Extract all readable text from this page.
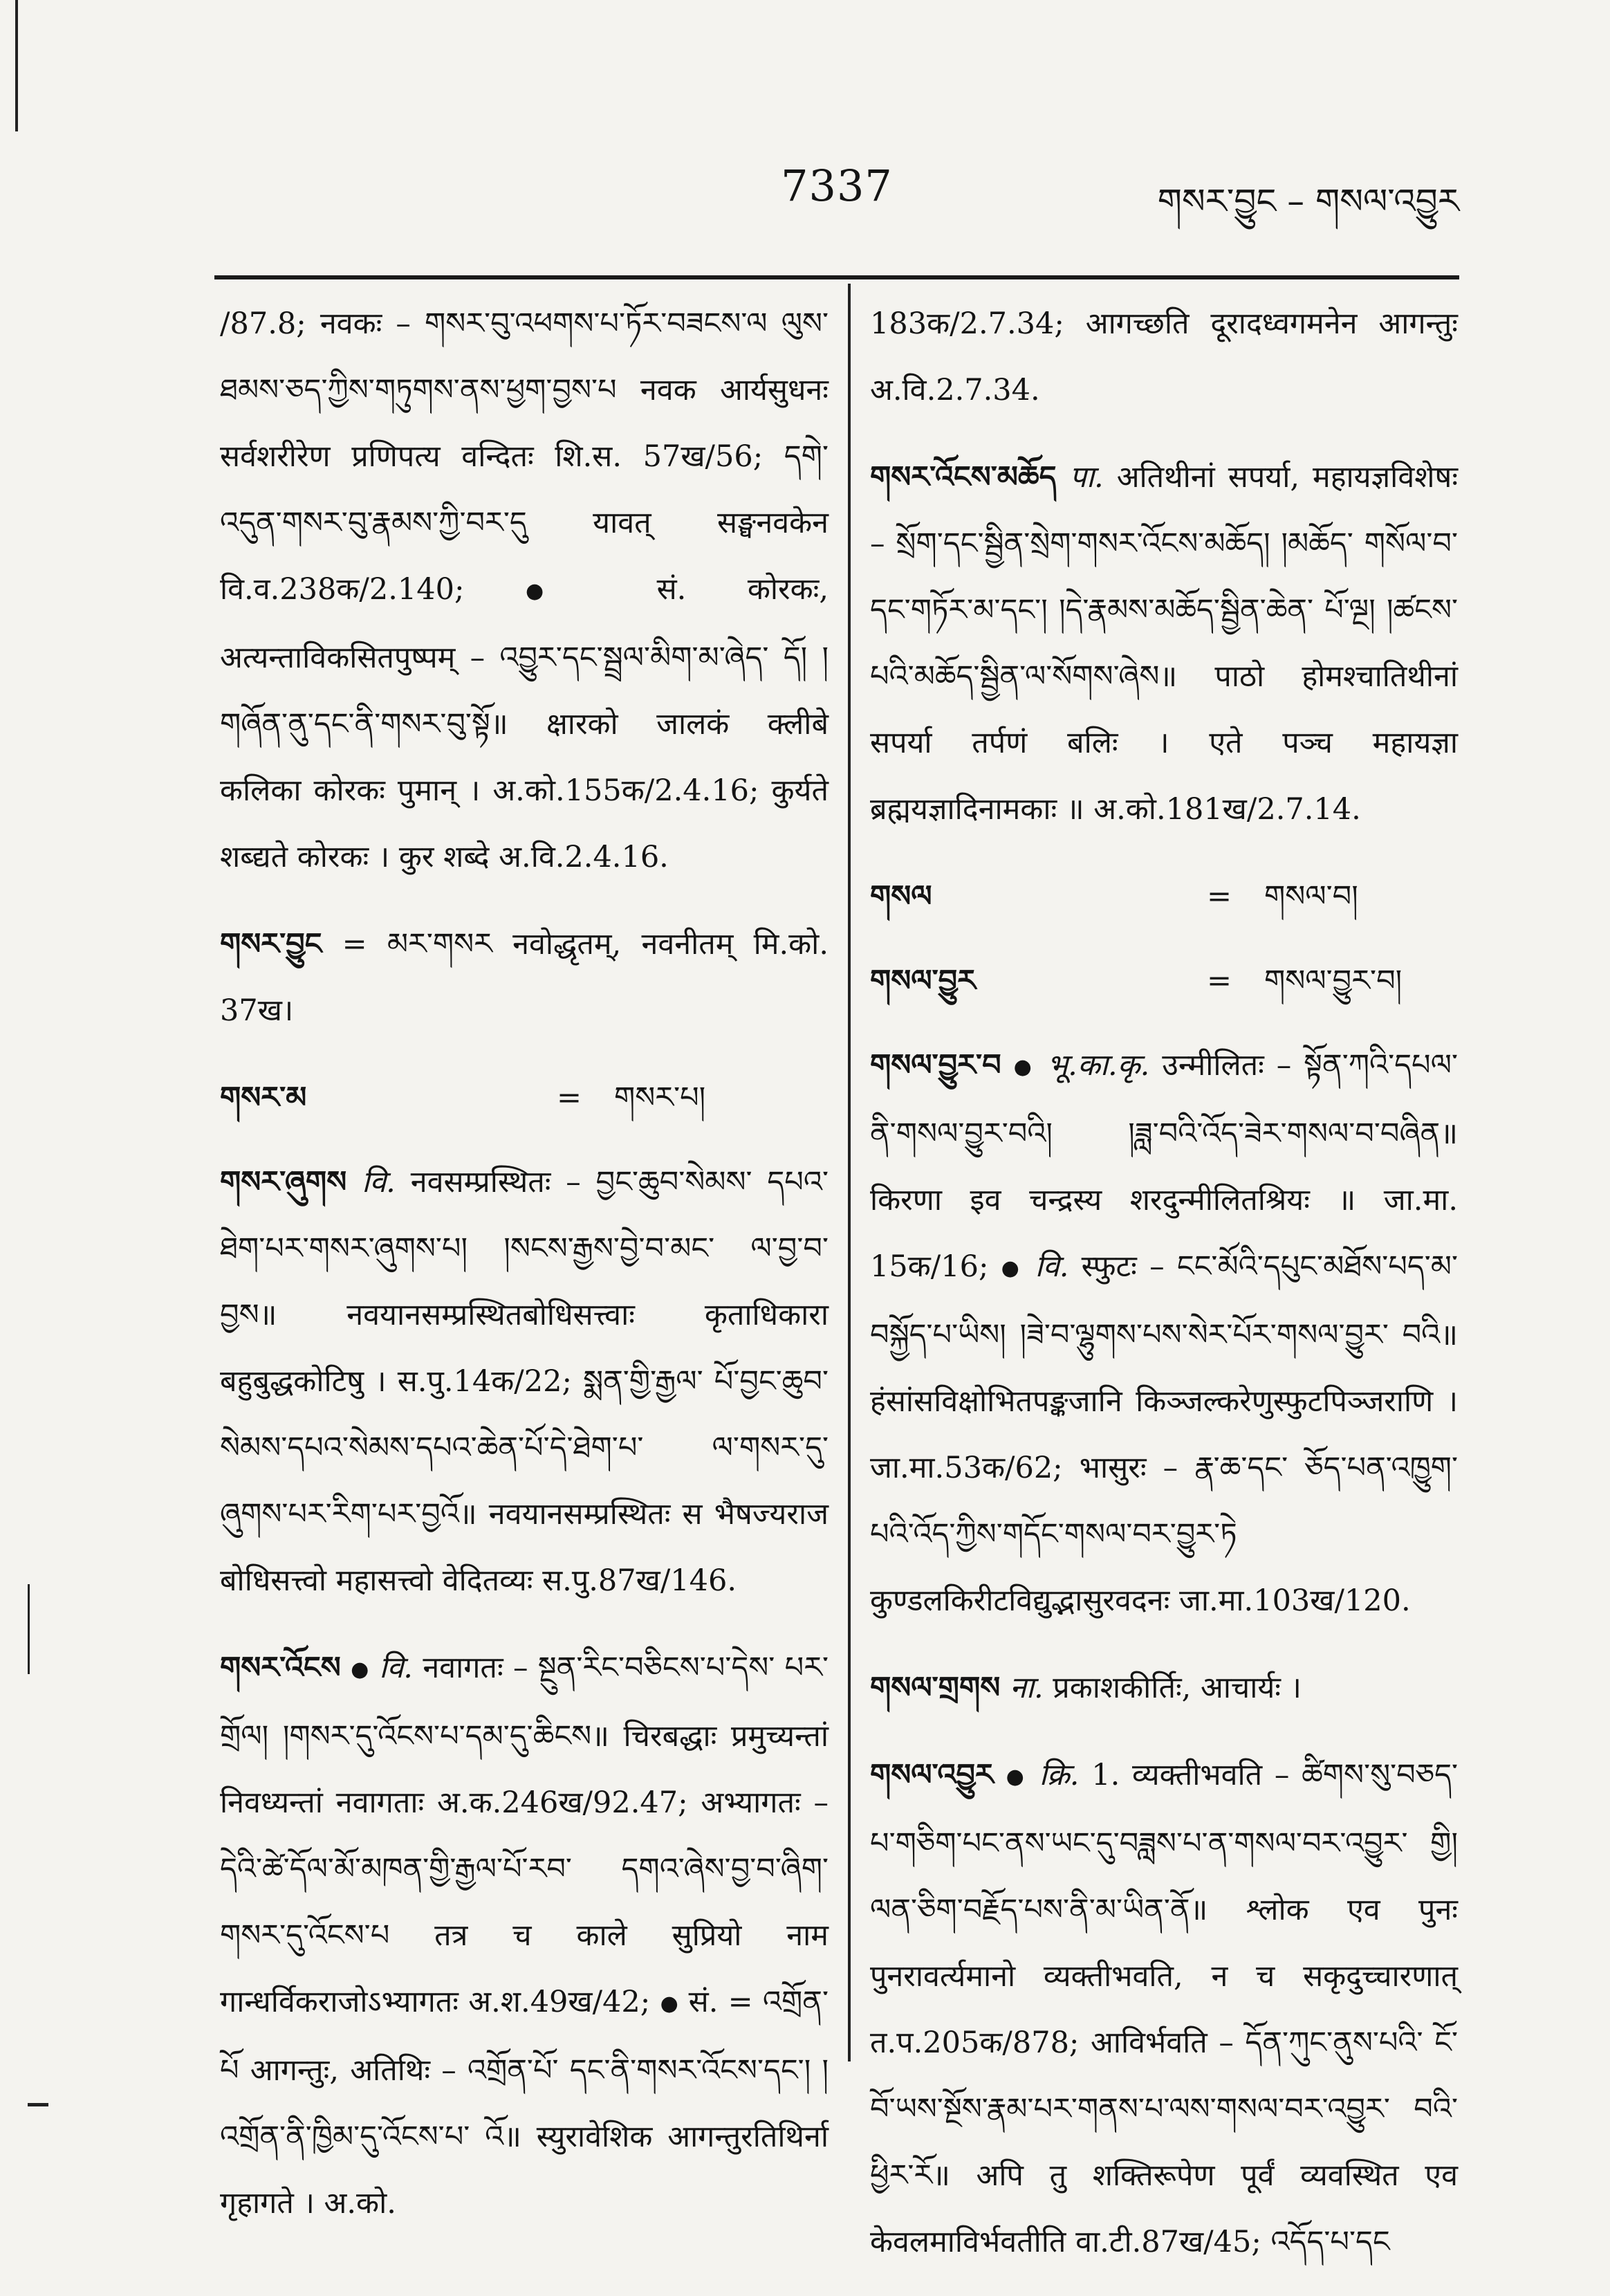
7337	གསར་བྱུང – གསལ་འབྱུར
/87.8; नवकः – གསར་བུ་འཕགས་པ་ཏོར་བཟངས་ལ ལུས་ཐམས་ཅད་ཀྱིས་གཏུགས་ནས་ཕྱག་བྱས་པ नवक आर्यसुधनः सर्वशरीरेण प्रणिपत्य वन्दितः शि.स. 57ख/56; དགེ་འདུན་གསར་བུ་རྣམས་ཀྱི་བར་དུ यावत् सङ्घनवकेन वि.व.238क/2.140;	● सं. कोरकः, अत्यन्ताविकसितपुष्पम् – འབྱུར་དང་སྦྲལ་མིག་མ་ཞེད་ དོ། །གཞོན་ནུ་དང་ནི་གསར་བུ་སྟོ॥ क्षारको जालकं क्लीबे कलिका कोरकः पुमान् । अ.को.155क/2.4.16; कुर्यते शब्द्यते कोरकः । कुर शब्दे अ.वि.2.4.16.
གསར་བྱུང = མར་གསར नवोद्धृतम्, नवनीतम् मि.को. 37ख।
གསར་མ	=	གསར་པ།
གསར་ཞུགས वि. नवसम्प्रस्थितः – བྱང་ཆུབ་སེམས་ དཔའ་ཐེག་པར་གསར་ཞུགས་པ། །སངས་རྒྱས་བྱེ་བ་མང་ ལ་བྱ་བ་བྱས॥ नवयानसम्प्रस्थितबोधिसत्त्वाः कृताधिकारा बहुबुद्धकोटिषु । स.पु.14क/22; སྨན་གྱི་རྒྱལ་ པོ་བྱང་ཆུབ་སེམས་དཔའ་སེམས་དཔའ་ཆེན་པོ་དེ་ཐེག་པ་ ལ་གསར་དུ་ཞུགས་པར་རིག་པར་བྱའོ॥ नवयानसम्प्रस्थितः स भैषज्यराज बोधिसत्त्वो महासत्त्वो वेदितव्यः स.पु.87ख/146.
གསར་འོངས ● वि. नवागतः – སྔུན་རིང་བཅིངས་པ་དེས་ པར་གྲོལ། །གསར་དུ་འོངས་པ་དམ་དུ་ཆིངས॥ चिरबद्धाः प्रमुच्यन्तां निवध्यन्तां नवागताः अ.क.246ख/92.47; अभ्यागतः – དེའི་ཚེ་དོལ་མོ་མཁན་གྱི་རྒྱལ་པོ་རབ་ དགའ་ཞེས་བྱ་བ་ཞིག་གསར་དུ་འོངས་པ तत्र च काले सुप्रियो नाम गान्धर्विकराजोऽभ्यागतः अ.श.49ख/42; ● सं. = འགྲོན་པོ आगन्तुः, अतिथिः – འགྲོན་པོ་ དང་ནི་གསར་འོངས་དང་། །འགྲོན་ནི་ཁྱིམ་དུ་འོངས་པ་ འོ॥ स्युरावेशिक आगन्तुरतिथिर्ना गृहागते । अ.को.
183क/2.7.34; आगच्छति दूरादध्वगमनेन आगन्तुः अ.वि.2.7.34.
གསར་འོངས་མཆོད पा. अतिथीनां सपर्या, महायज्ञविशेषः – སྲོག་དང་སྦྱིན་སྲེག་གསར་འོངས་མཆོད། །མཆོད་ གསོལ་བ་དང་གཏོར་མ་དང་། །དེ་རྣམས་མཆོད་སྦྱིན་ཆེན་ པོ་ལྔ། །ཚངས་པའི་མཆོད་སྦྱིན་ལ་སོགས་ཞེས॥ पाठो होमश्चातिथीनां सपर्या तर्पणं बलिः । एते पञ्च महायज्ञा ब्रह्मयज्ञादिनामकाः ॥ अ.को.181ख/2.7.14.
གསལ	=	གསལ་བ།
གསལ་བྱུར	=	གསལ་བྱུར་བ།
གསལ་བྱུར་བ ● भू.का.कृ. उन्मीलितः – སྟོན་ཀའི་དཔལ་ ནི་གསལ་བྱུར་བའི། །ཟླ་བའི་འོད་ཟེར་གསལ་བ་བཞིན॥ किरणा इव चन्द्रस्य शरदुन्मीलितश्रियः ॥ जा.मा. 15क/16; ● वि. स्फुटः – ངང་མོའི་དཔུང་མཐོས་པད་མ་ བསྐྱོད་པ་ཡིས། །ཟེ་བ་ལྷུགས་པས་སེར་པོར་གསལ་བྱུར་ བའི॥ हंसांसविक्षोभितपङ्कजानि किञ्जल्करेणुस्फुटपिञ्जराणि । जा.मा.53क/62; भासुरः – རྣ་ཆ་དང་ ཅོད་པན་འཁྱུག་པའི་འོད་ཀྱིས་གདོང་གསལ་བར་བྱུར་ཏེ कुण्डलकिरीटविद्युद्भासुरवदनः जा.मा.103ख/120.
གསལ་གྲགས ना. प्रकाशकीर्तिः, आचार्यः ।
གསལ་འབྱུར ● क्रि. 1. व्यक्तीभवति – ཚིགས་སུ་བཅད་ པ་གཅིག་པང་ནས་ཡང་དུ་བཟླས་པ་ན་གསལ་བར་འབྱུར་ གྱི། ལན་ཅིག་བརྗོད་པས་ནི་མ་ཡིན་ནོ॥ श्लोक एव पुनः पुनरावर्त्यमानो व्यक्तीभवति, न च सकृदुच्चारणात् त.प.205क/878; आविर्भवति – དོན་ཀུང་ནུས་པའི་ ངོ་བོ་ཡས་སྔོས་རྣམ་པར་གནས་པ་ལས་གསལ་བར་འབྱུར་ བའི་ཕྱིར་རོ॥ अपि तु शक्तिरूपेण पूर्वं व्यवस्थित एव केवलमाविर्भवतीति वा.टी.87ख/45; འདོད་པ་དང
